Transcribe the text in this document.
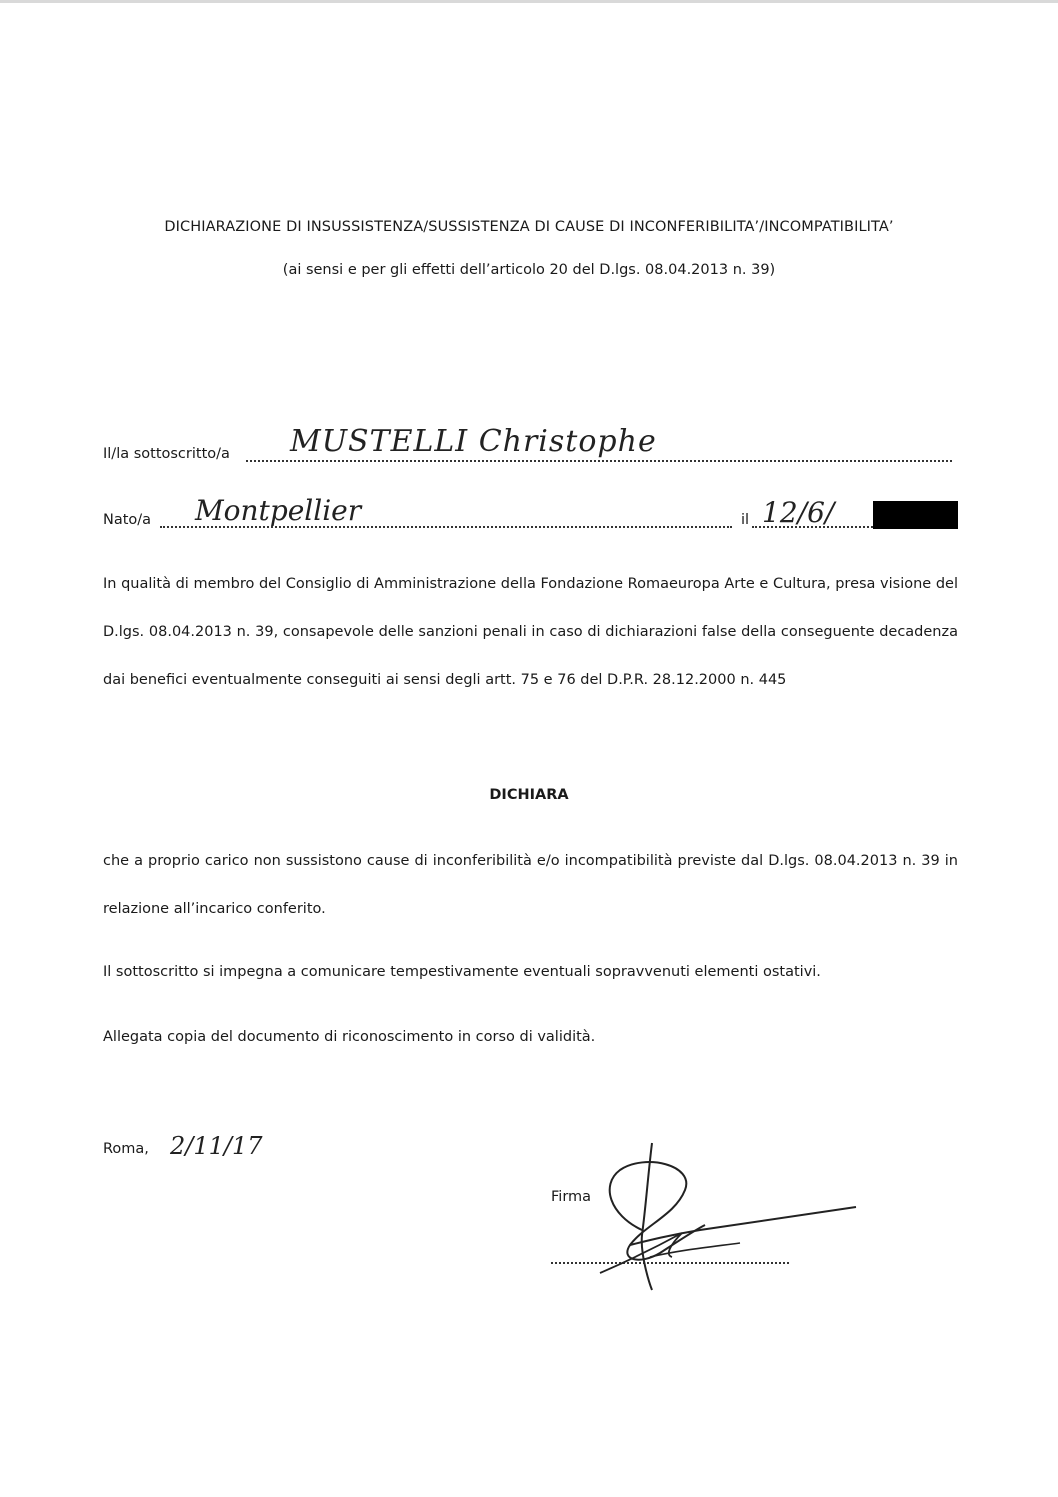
DICHIARAZIONE DI INSUSSISTENZA/SUSSISTENZA DI CAUSE DI INCONFERIBILITA’/INCOMPATIBILITA’
(ai sensi e per gli effetti dell’articolo 20 del D.lgs. 08.04.2013 n. 39)
Il/la sottoscritto/a MUSTELLI Christophe
Nato/a Montpellier	il 12/6/
In qualità di membro del Consiglio di Amministrazione della Fondazione Romaeuropa Arte e Cultura, presa visione del D.lgs. 08.04.2013 n. 39, consapevole delle sanzioni penali in caso di dichiarazioni false della conseguente decadenza dai benefici eventualmente conseguiti ai sensi degli artt. 75 e 76 del D.P.R. 28.12.2000 n. 445
DICHIARA
che a proprio carico non sussistono cause di inconferibilità e/o incompatibilità previste dal D.lgs. 08.04.2013 n. 39 in relazione all’incarico conferito.
Il sottoscritto si impegna a comunicare tempestivamente eventuali sopravvenuti elementi ostativi.
Allegata copia del documento di riconoscimento in corso di validità.
Roma, 2/11/17
Firma
